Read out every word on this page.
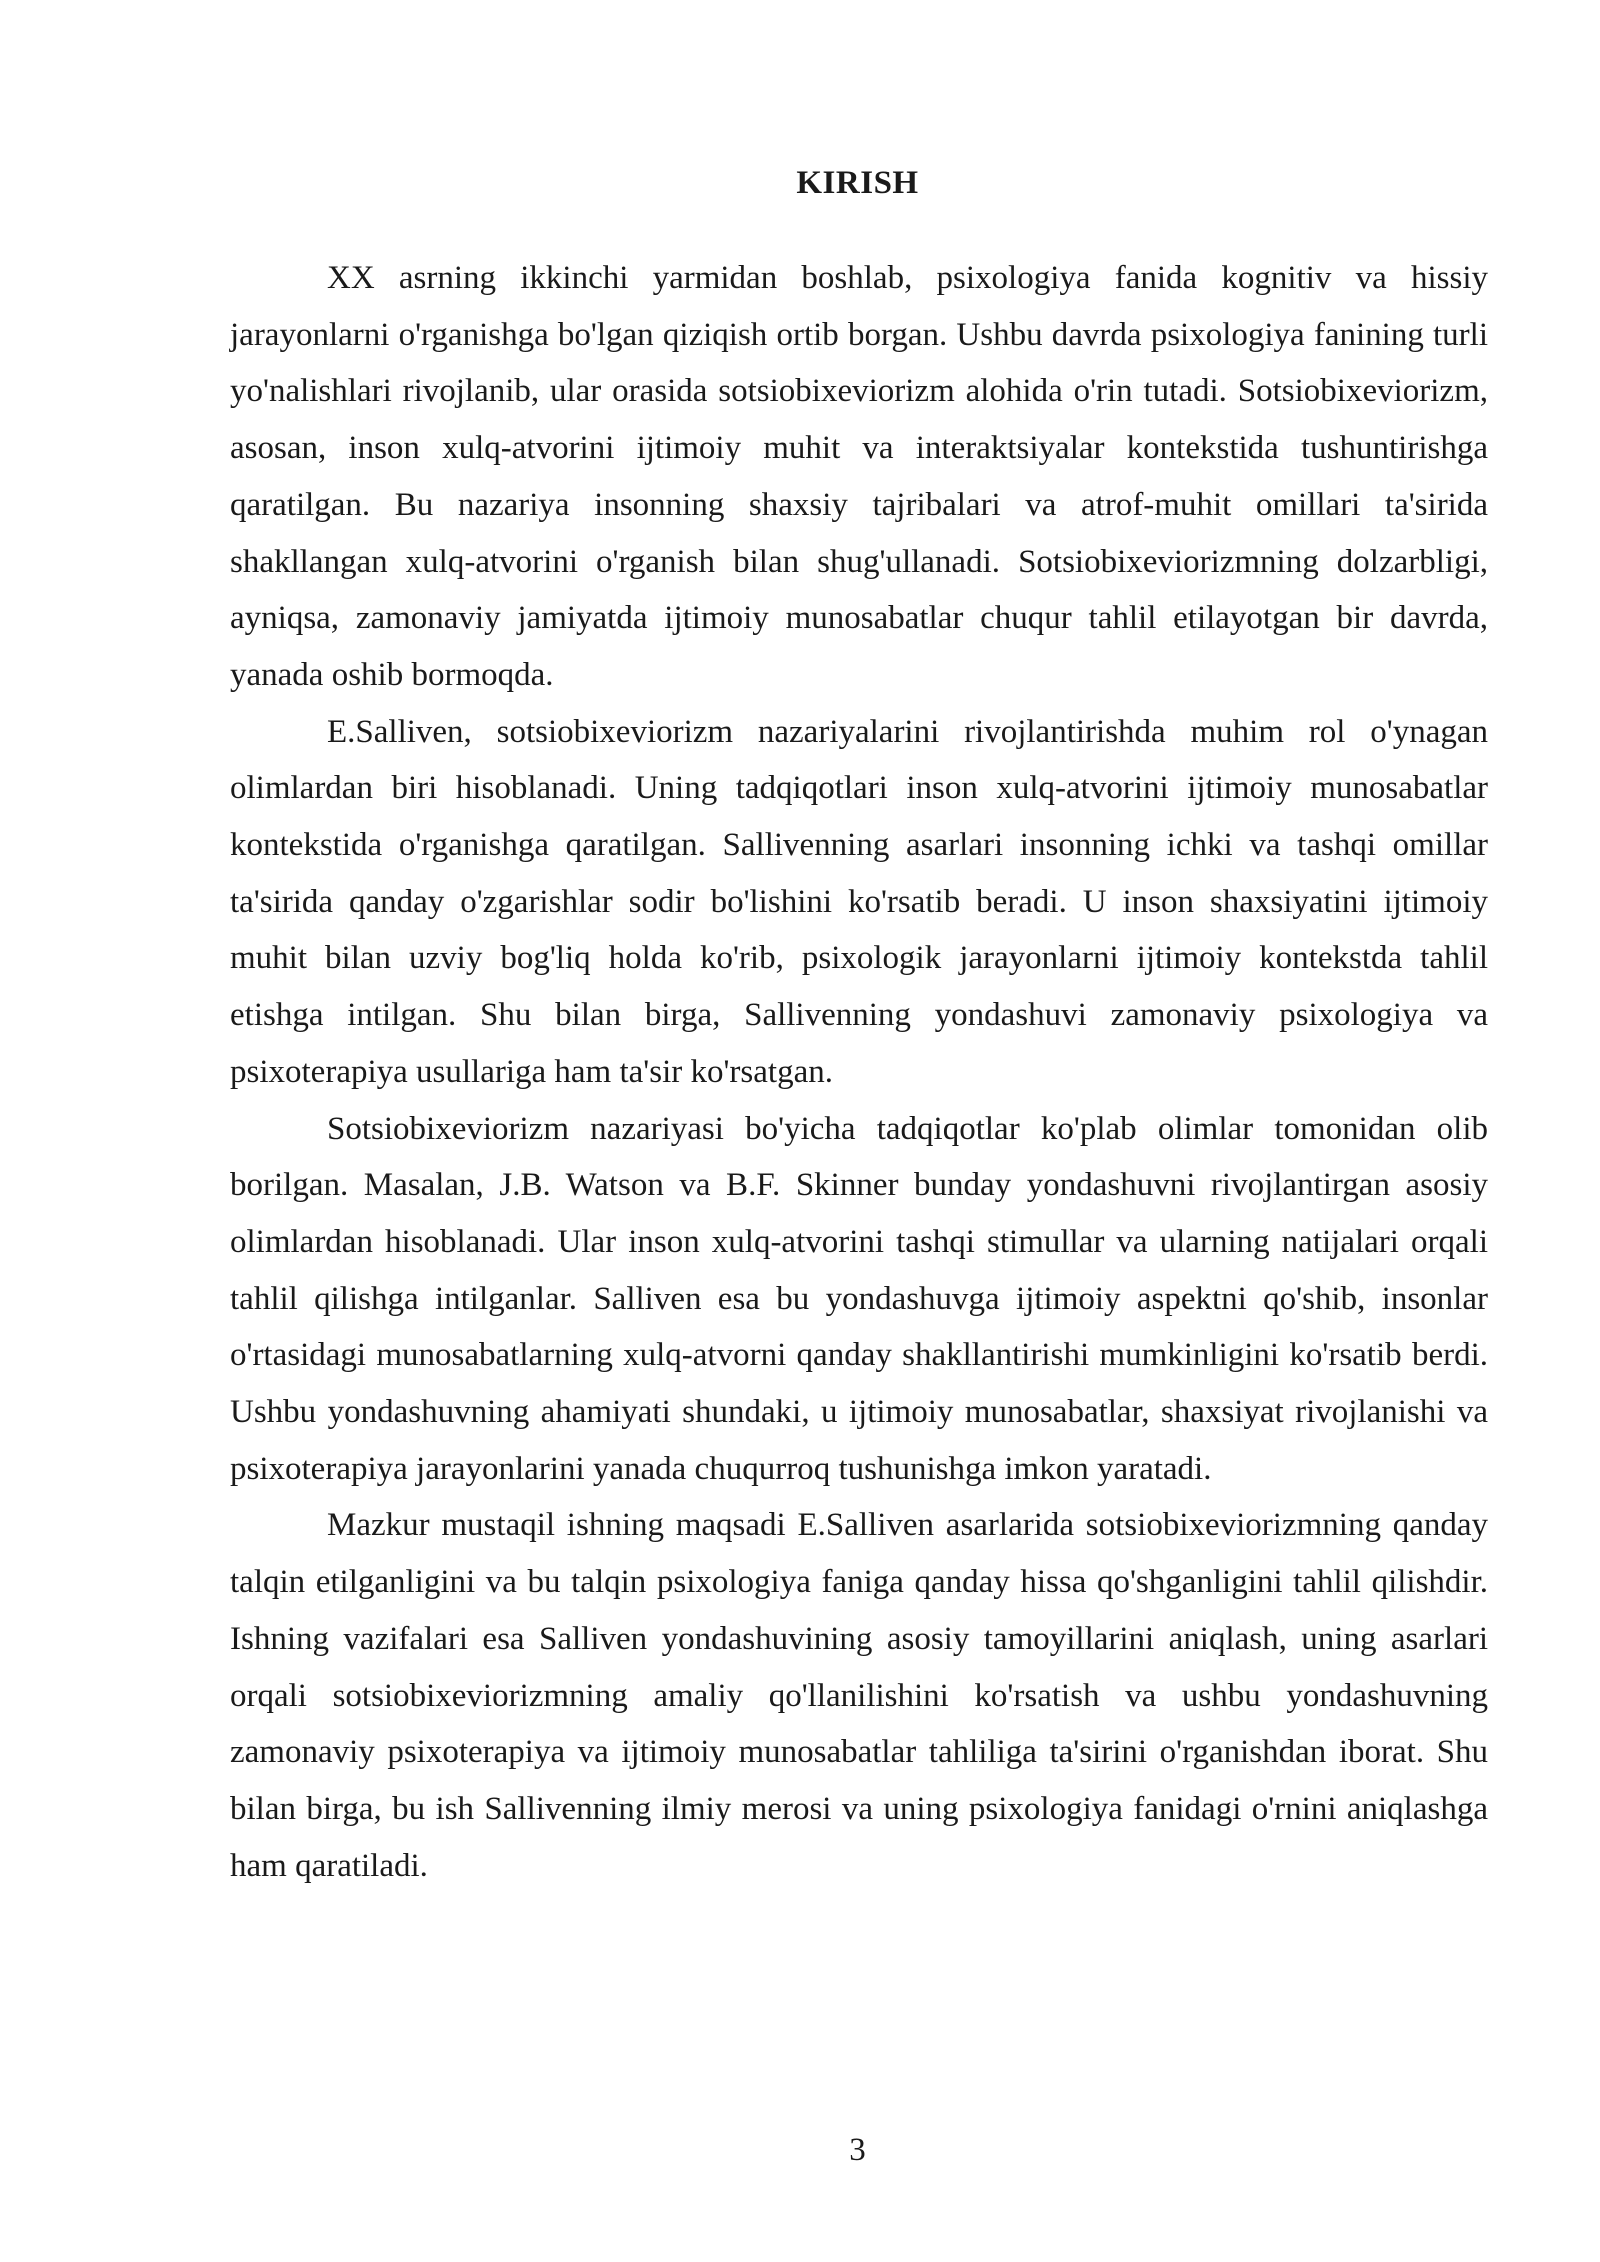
KIRISH

XX asrning ikkinchi yarmidan boshlab, psixologiya fanida kognitiv va hissiy jarayonlarni o'rganishga bo'lgan qiziqish ortib borgan. Ushbu davrda psixologiya fanining turli yo'nalishlari rivojlanib, ular orasida sotsiobixeviorizm alohida o'rin tutadi. Sotsiobixeviorizm, asosan, inson xulq-atvorini ijtimoiy muhit va interaktsiyalar kontekstida tushuntirishga qaratilgan. Bu nazariya insonning shaxsiy tajribalari va atrof-muhit omillari ta'sirida shakllangan xulq-atvorini o'rganish bilan shug'ullanadi. Sotsiobixeviorizmning dolzarbligi, ayniqsa, zamonaviy jamiyatda ijtimoiy munosabatlar chuqur tahlil etilayotgan bir davrda, yanada oshib bormoqda.

E.Salliven, sotsiobixeviorizm nazariyalarini rivojlantirishda muhim rol o'ynagan olimlardan biri hisoblanadi. Uning tadqiqotlari inson xulq-atvorini ijtimoiy munosabatlar kontekstida o'rganishga qaratilgan. Sallivenning asarlari insonning ichki va tashqi omillar ta'sirida qanday o'zgarishlar sodir bo'lishini ko'rsatib beradi. U inson shaxsiyatini ijtimoiy muhit bilan uzviy bog'liq holda ko'rib, psixologik jarayonlarni ijtimoiy kontekstda tahlil etishga intilgan. Shu bilan birga, Sallivenning yondashuvi zamonaviy psixologiya va psixoterapiya usullariga ham ta'sir ko'rsatgan.

Sotsiobixeviorizm nazariyasi bo'yicha tadqiqotlar ko'plab olimlar tomonidan olib borilgan. Masalan, J.B. Watson va B.F. Skinner bunday yondashuvni rivojlantirgan asosiy olimlardan hisoblanadi. Ular inson xulq-atvorini tashqi stimullar va ularning natijalari orqali tahlil qilishga intilganlar. Salliven esa bu yondashuvga ijtimoiy aspektni qo'shib, insonlar o'rtasidagi munosabatlarning xulq-atvorni qanday shakllantirishi mumkinligini ko'rsatib berdi. Ushbu yondashuvning ahamiyati shundaki, u ijtimoiy munosabatlar, shaxsiyat rivojlanishi va psixoterapiya jarayonlarini yanada chuqurroq tushunishga imkon yaratadi.

Mazkur mustaqil ishning maqsadi E.Salliven asarlarida sotsiobixeviorizmning qanday talqin etilganligini va bu talqin psixologiya faniga qanday hissa qo'shganligini tahlil qilishdir. Ishning vazifalari esa Salliven yondashuvining asosiy tamoyillarini aniqlash, uning asarlari orqali sotsiobixeviorizmning amaliy qo'llanilishini ko'rsatish va ushbu yondashuvning zamonaviy psixoterapiya va ijtimoiy munosabatlar tahliliga ta'sirini o'rganishdan iborat. Shu bilan birga, bu ish Sallivenning ilmiy merosi va uning psixologiya fanidagi o'rnini aniqlashga ham qaratiladi.

3
